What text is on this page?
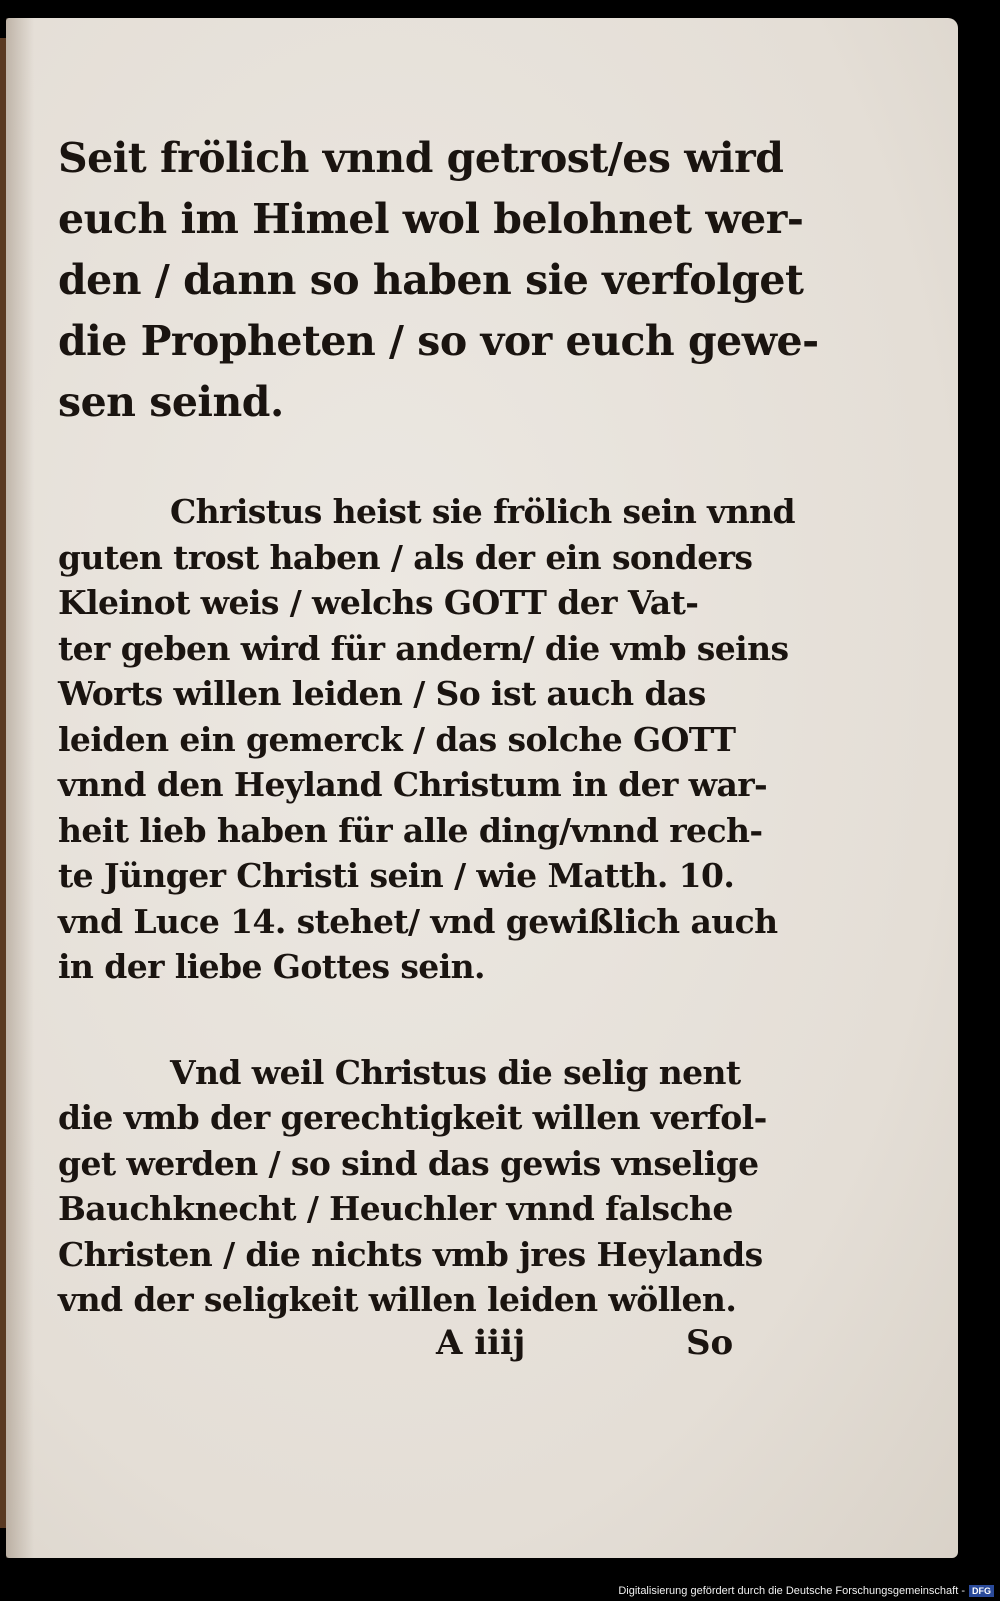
Seit frölich vnnd getrost/es wird
euch im Himel wol belohnet wer-
den / dann so haben sie verfolget
die Propheten / so vor euch gewe-
sen seind.

Christus heist sie frölich sein vnnd
guten trost haben / als der ein sonders
Kleinot weis / welchs GOTT der Vat-
ter geben wird für andern/ die vmb seins
Worts willen leiden / So ist auch das
leiden ein gemerck / das solche GOTT
vnnd den Heyland Christum in der war-
heit lieb haben für alle ding/vnnd rech-
te Jünger Christi sein / wie Matth. 10.
vnd Luce 14. stehet/ vnd gewißlich auch
in der liebe Gottes sein.

Vnd weil Christus die selig nent
die vmb der gerechtigkeit willen verfol-
get werden / so sind das gewis vnselige
Bauchknecht / Heuchler vnnd falsche
Christen / die nichts vmb jres Heylands
vnd der seligkeit willen leiden wöllen.

A iiij	So
Digitalisierung gefördert durch die Deutsche Forschungsgemeinschaft - DFG
